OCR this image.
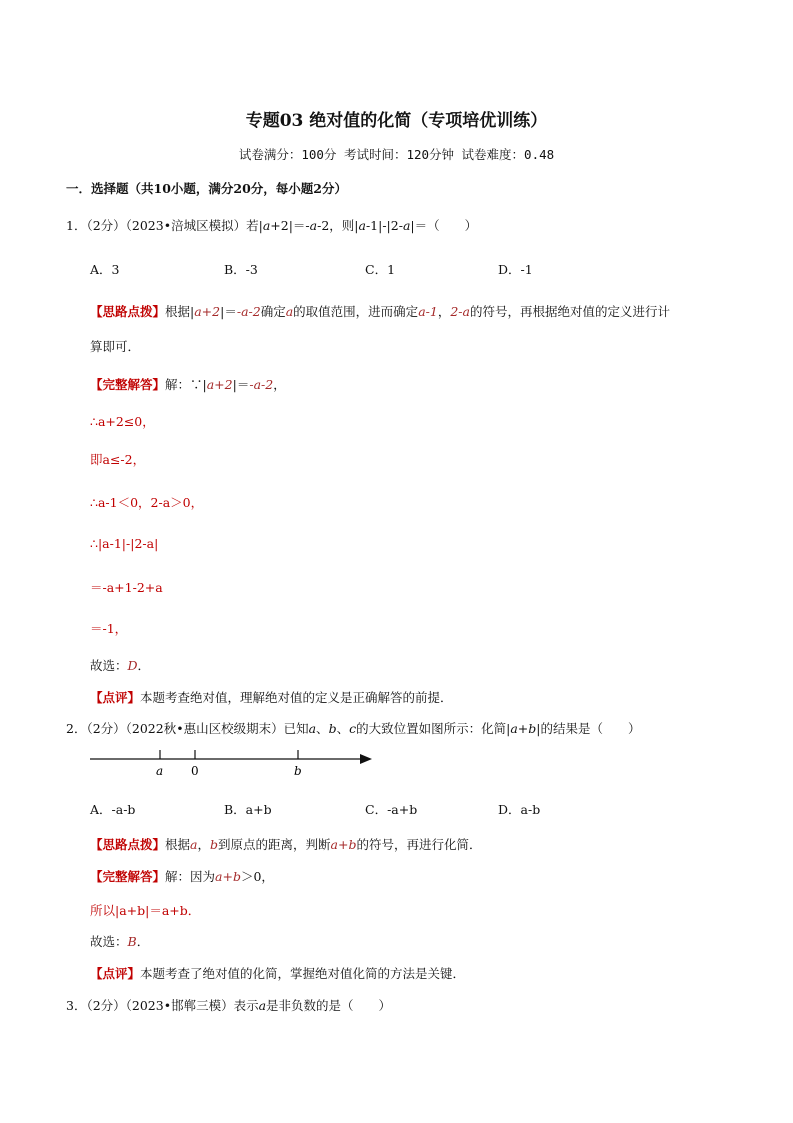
专题03 绝对值的化简（专项培优训练）
试卷满分：100分 考试时间：120分钟 试卷难度：0.48
一．选择题（共10小题，满分20分，每小题2分）
1．（2分）（2023•涪城区模拟）若|a+2|＝-a-2，则|a-1|-|2-a|＝（　　）
A．3	B．-3	C．1	D．-1
【思路点拨】根据|a+2|＝-a-2确定a的取值范围，进而确定a-1，2-a的符号，再根据绝对值的定义进行计
算即可．
【完整解答】解：∵|a+2|＝-a-2，
∴a+2≤0，
即a≤-2，
∴a-1＜0，2-a＞0，
∴|a-1|-|2-a|
＝-a+1-2+a
＝-1，
故选：D．
【点评】本题考查绝对值，理解绝对值的定义是正确解答的前提．
2．（2分）（2022秋•惠山区校级期末）已知a、b、c的大致位置如图所示：化简|a+b|的结果是（　　）
a 0	b
A．-a-b	B．a+b	C．-a+b	D．a-b
【思路点拨】根据a，b到原点的距离，判断a+b的符号，再进行化简．
【完整解答】解：因为a+b＞0，
所以|a+b|＝a+b．
故选：B．
【点评】本题考查了绝对值的化简，掌握绝对值化简的方法是关键．
3．（2分）（2023•邯郸三模）表示a是非负数的是（　　）
